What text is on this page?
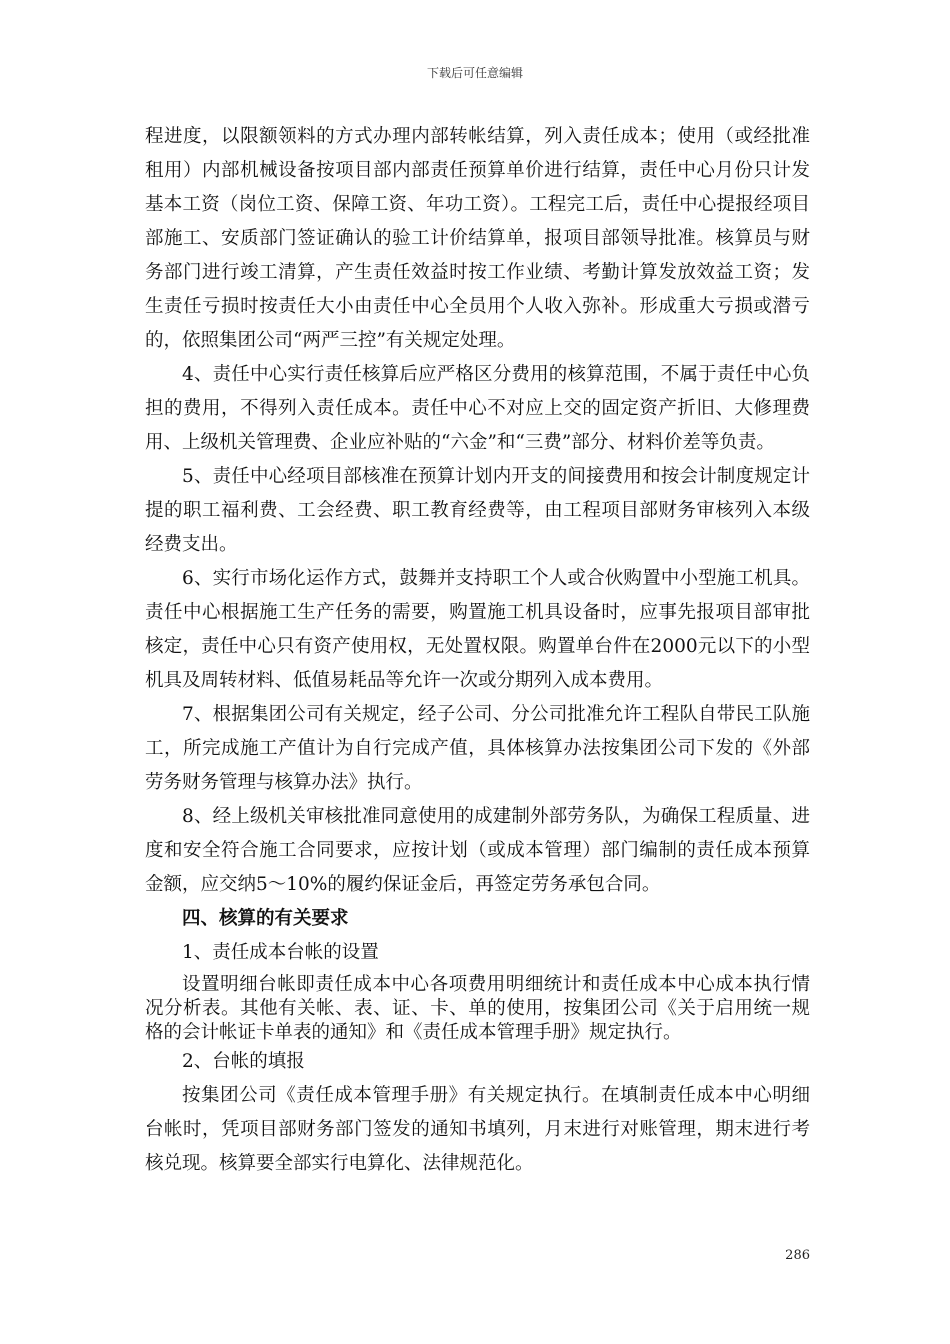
下载后可任意编辑

程进度，以限额领料的方式办理内部转帐结算，列入责任成本；使用（或经批准租用）内部机械设备按项目部内部责任预算单价进行结算，责任中心月份只计发基本工资（岗位工资、保障工资、年功工资）。工程完工后，责任中心提报经项目部施工、安质部门签证确认的验工计价结算单，报项目部领导批准。核算员与财务部门进行竣工清算，产生责任效益时按工作业绩、考勤计算发放效益工资；发生责任亏损时按责任大小由责任中心全员用个人收入弥补。形成重大亏损或潜亏的，依照集团公司“两严三控”有关规定处理。

4、责任中心实行责任核算后应严格区分费用的核算范围，不属于责任中心负担的费用，不得列入责任成本。责任中心不对应上交的固定资产折旧、大修理费用、上级机关管理费、企业应补贴的“六金”和“三费”部分、材料价差等负责。

5、责任中心经项目部核准在预算计划内开支的间接费用和按会计制度规定计提的职工福利费、工会经费、职工教育经费等，由工程项目部财务审核列入本级经费支出。

6、实行市场化运作方式，鼓舞并支持职工个人或合伙购置中小型施工机具。责任中心根据施工生产任务的需要，购置施工机具设备时，应事先报项目部审批核定，责任中心只有资产使用权，无处置权限。购置单台件在2000元以下的小型机具及周转材料、低值易耗品等允许一次或分期列入成本费用。

7、根据集团公司有关规定，经子公司、分公司批准允许工程队自带民工队施工，所完成施工产值计为自行完成产值，具体核算办法按集团公司下发的《外部劳务财务管理与核算办法》执行。

8、经上级机关审核批准同意使用的成建制外部劳务队，为确保工程质量、进度和安全符合施工合同要求，应按计划（或成本管理）部门编制的责任成本预算金额，应交纳5～10%的履约保证金后，再签定劳务承包合同。

四、核算的有关要求

1、责任成本台帐的设置

设置明细台帐即责任成本中心各项费用明细统计和责任成本中心成本执行情况分析表。其他有关帐、表、证、卡、单的使用，按集团公司《关于启用统一规格的会计帐证卡单表的通知》和《责任成本管理手册》规定执行。

2、台帐的填报

按集团公司《责任成本管理手册》有关规定执行。在填制责任成本中心明细台帐时，凭项目部财务部门签发的通知书填列，月末进行对账管理，期末进行考核兑现。核算要全部实行电算化、法律规范化。

286
